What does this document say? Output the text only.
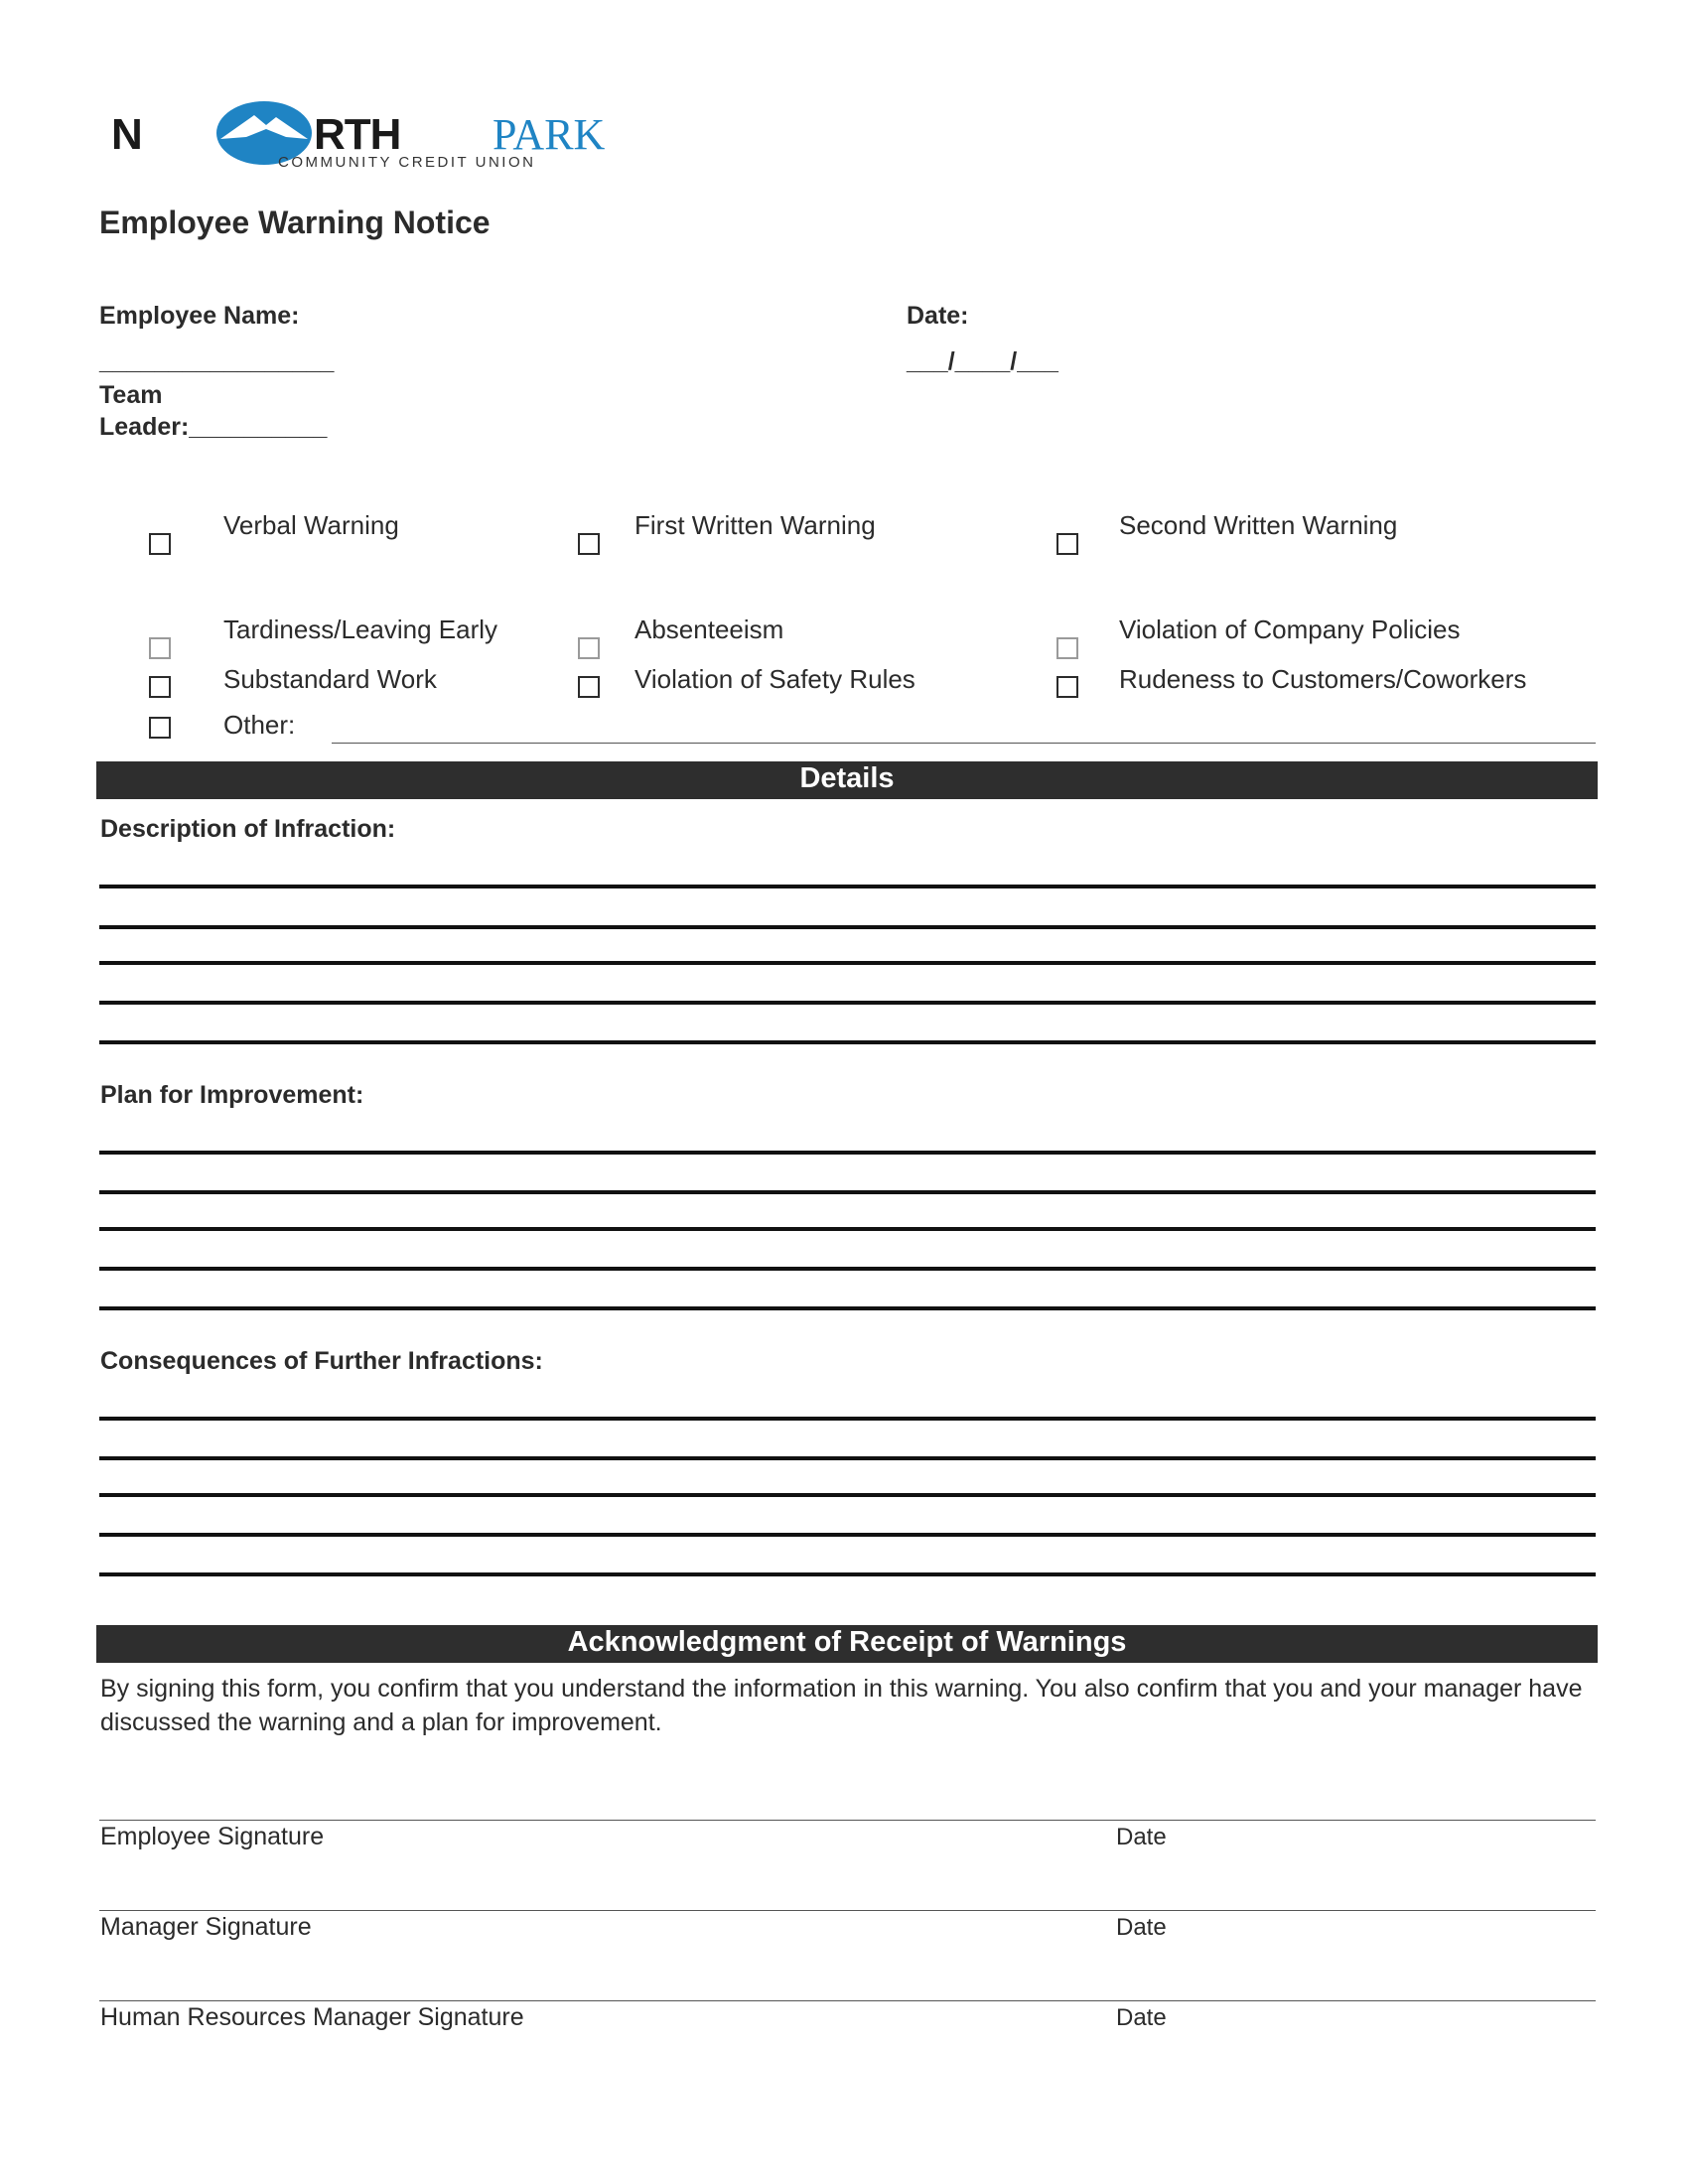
N	RTH PARK
COMMUNITY CREDIT UNION
Employee Warning Notice
Employee Name:
_________________
Date:
___/____/___
Team
Leader:__________
Verbal Warning	First Written Warning	Second Written Warning
Tardiness/Leaving Early	Absenteeism	Violation of Company Policies
Substandard Work	Violation of Safety Rules	Rudeness to Customers/Coworkers
Other:
Details
Description of Infraction:
Plan for Improvement:
Consequences of Further Infractions:
Acknowledgment of Receipt of Warnings
By signing this form, you confirm that you understand the information in this warning. You also confirm that you and your manager have discussed the warning and a plan for improvement.
Employee Signature	Date
Manager Signature	Date
Human Resources Manager Signature	Date
